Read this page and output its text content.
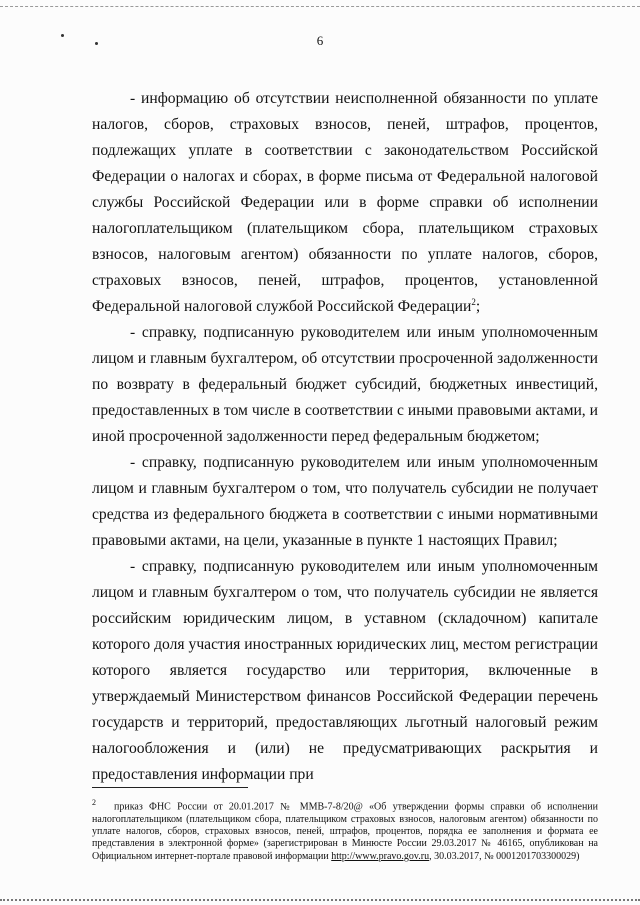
6

- информацию об отсутствии неисполненной обязанности по уплате налогов, сборов, страховых взносов, пеней, штрафов, процентов, подлежащих уплате в соответствии с законодательством Российской Федерации о налогах и сборах, в форме письма от Федеральной налоговой службы Российской Федерации или в форме справки об исполнении налогоплательщиком (плательщиком сбора, плательщиком страховых взносов, налоговым агентом) обязанности по уплате налогов, сборов, страховых взносов, пеней, штрафов, процентов, установленной Федеральной налоговой службой Российской Федерации$^2$;

- справку, подписанную руководителем или иным уполномоченным лицом и главным бухгалтером, об отсутствии просроченной задолженности по возврату в федеральный бюджет субсидий, бюджетных инвестиций, предоставленных в том числе в соответствии с иными правовыми актами, и иной просроченной задолженности перед федеральным бюджетом;

- справку, подписанную руководителем или иным уполномоченным лицом и главным бухгалтером о том, что получатель субсидии не получает средства из федерального бюджета в соответствии с иными нормативными правовыми актами, на цели, указанные в пункте 1 настоящих Правил;

- справку, подписанную руководителем или иным уполномоченным лицом и главным бухгалтером о том, что получатель субсидии не является российским юридическим лицом, в уставном (складочном) капитале которого доля участия иностранных юридических лиц, местом регистрации которого является государство или территория, включенные в утверждаемый Министерством финансов Российской Федерации перечень государств и территорий, предоставляющих льготный налоговый режим налогообложения и (или) не предусматривающих раскрытия и предоставления информации при

$^2$ приказ ФНС России от 20.01.2017 № ММВ-7-8/20@ «Об утверждении формы справки об исполнении налогоплательщиком (плательщиком сбора, плательщиком страховых взносов, налоговым агентом) обязанности по уплате налогов, сборов, страховых взносов, пеней, штрафов, процентов, порядка ее заполнения и формата ее представления в электронной форме» (зарегистрирован в Минюсте России 29.03.2017 № 46165, опубликован на Официальном интернет-портале правовой информации http://www.pravo.gov.ru, 30.03.2017, № 0001201703300029)
